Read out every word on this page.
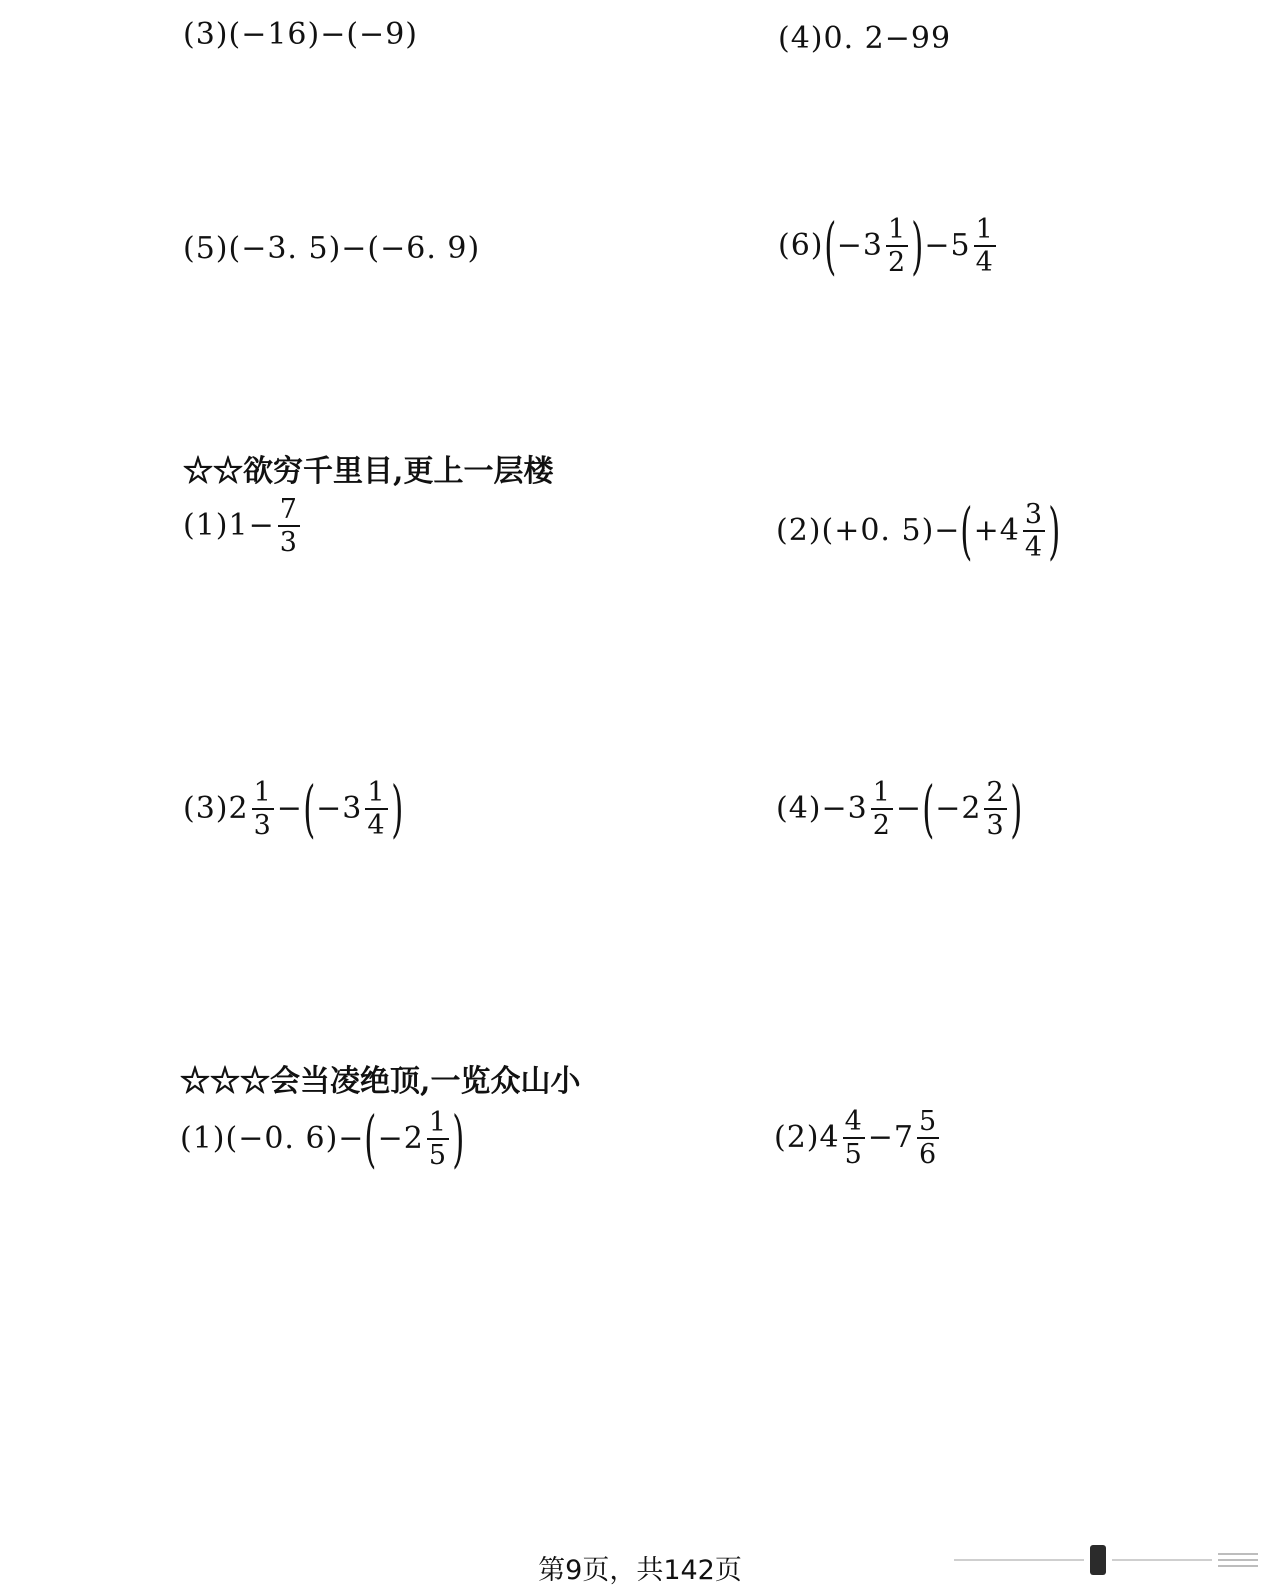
(3)(−16)−(−9)	(4)0. 2−99
(5)(−3. 5)−(−6. 9)	(6) ( $-3 \frac{1}{2}$ ) $-5 \frac{1}{4}$
☆☆欲穷千里目,更上一层楼
$(1)1- \frac{7}{3}$	(2)(+0. 5)− ( $+4 \frac{3}{4}$ )
$(3)2 \frac{1}{3}$ − ( $-3 \frac{1}{4}$ )	$(4)-3 \frac{1}{2}$ − ( $-2 \frac{2}{3}$ )
☆☆☆会当凌绝顶,一览众山小
(1)(−0. 6)− ( $-2 \frac{1}{5}$ )	$(2)4 \frac{4}{5} -7 \frac{5}{6}$
第9页，共142页
